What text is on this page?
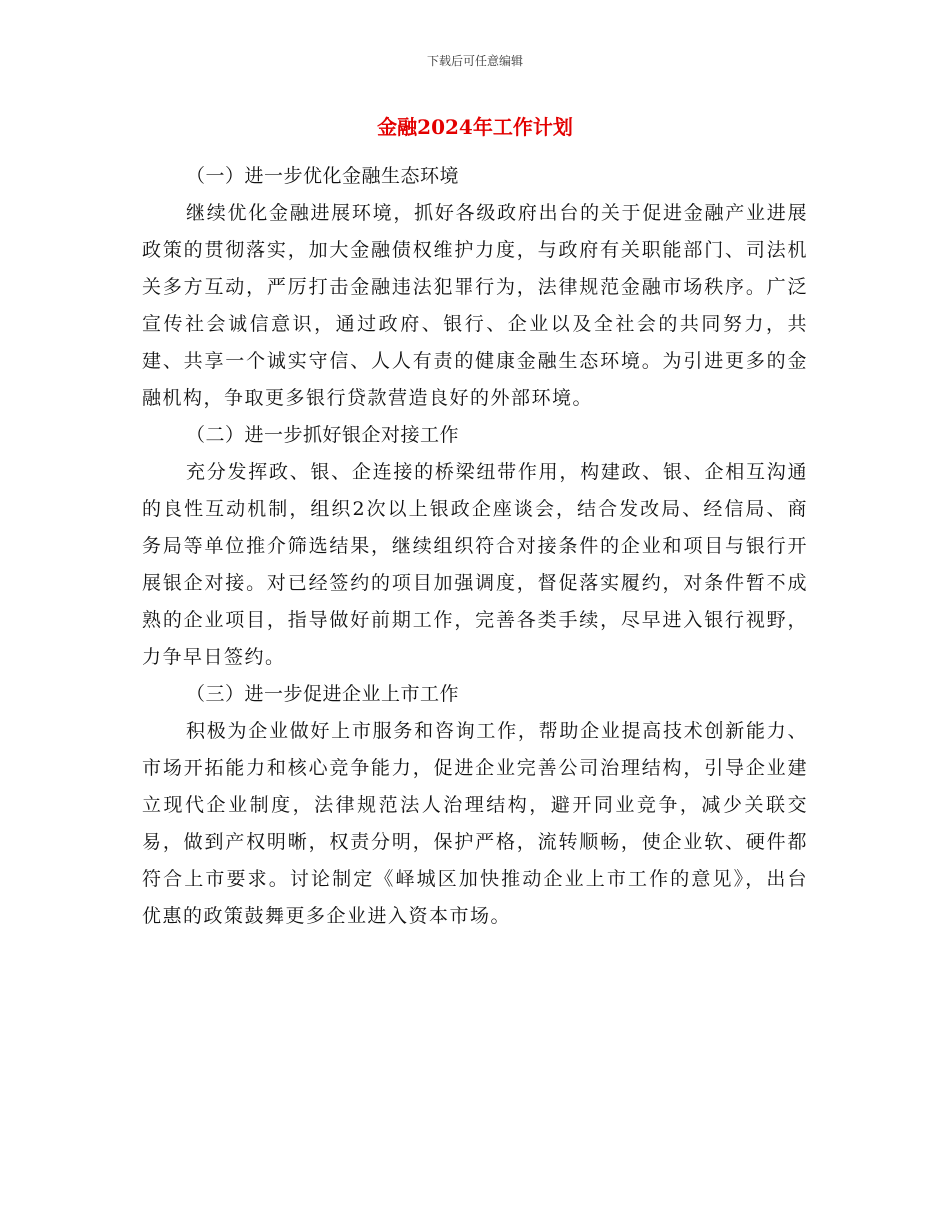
下载后可任意编辑
金融2024年工作计划

（一）进一步优化金融生态环境

继续优化金融进展环境，抓好各级政府出台的关于促进金融产业进展政策的贯彻落实，加大金融债权维护力度，与政府有关职能部门、司法机关多方互动，严厉打击金融违法犯罪行为，法律规范金融市场秩序。广泛宣传社会诚信意识，通过政府、银行、企业以及全社会的共同努力，共建、共享一个诚实守信、人人有责的健康金融生态环境。为引进更多的金融机构，争取更多银行贷款营造良好的外部环境。

（二）进一步抓好银企对接工作

充分发挥政、银、企连接的桥梁纽带作用，构建政、银、企相互沟通的良性互动机制，组织2次以上银政企座谈会，结合发改局、经信局、商务局等单位推介筛选结果，继续组织符合对接条件的企业和项目与银行开展银企对接。对已经签约的项目加强调度，督促落实履约，对条件暂不成熟的企业项目，指导做好前期工作，完善各类手续，尽早进入银行视野，力争早日签约。

（三）进一步促进企业上市工作

积极为企业做好上市服务和咨询工作，帮助企业提高技术创新能力、市场开拓能力和核心竞争能力，促进企业完善公司治理结构，引导企业建立现代企业制度，法律规范法人治理结构，避开同业竞争，减少关联交易，做到产权明晰，权责分明，保护严格，流转顺畅，使企业软、硬件都符合上市要求。讨论制定《峄城区加快推动企业上市工作的意见》，出台优惠的政策鼓舞更多企业进入资本市场。
